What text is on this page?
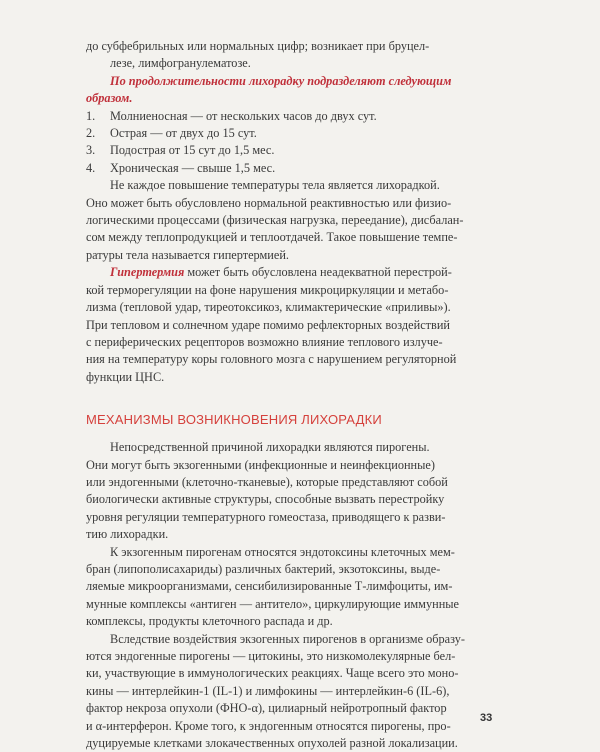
до субфебрильных или нормальных цифр; возникает при бруцел-
лезе, лимфогранулематозе.

По продолжительности лихорадку подразделяют следующим
образом.
1.	Молниеносная — от нескольких часов до двух сут.
2.	Острая — от двух до 15 сут.
3.	Подострая от 15 сут до 1,5 мес.
4.	Хроническая — свыше 1,5 мес.

Не каждое повышение температуры тела является лихорадкой.
Оно может быть обусловлено нормальной реактивностью или физио-
логическими процессами (физическая нагрузка, переедание), дисбалан-
сом между теплопродукцией и теплоотдачей. Такое повышение темпе-
ратуры тела называется гипертермией.

Гипертермия может быть обусловлена неадекватной перестрой-
кой терморегуляции на фоне нарушения микроциркуляции и метабо-
лизма (тепловой удар, тиреотоксикоз, климактерические «приливы»).
При тепловом и солнечном ударе помимо рефлекторных воздействий
с периферических рецепторов возможно влияние теплового излуче-
ния на температуру коры головного мозга с нарушением регуляторной
функции ЦНС.

МЕХАНИЗМЫ ВОЗНИКНОВЕНИЯ ЛИХОРАДКИ

Непосредственной причиной лихорадки являются пирогены.
Они могут быть экзогенными (инфекционные и неинфекционные)
или эндогенными (клеточно-тканевые), которые представляют собой
биологически активные структуры, способные вызвать перестройку
уровня регуляции температурного гомеостаза, приводящего к разви-
тию лихорадки.

К экзогенным пирогенам относятся эндотоксины клеточных мем-
бран (липополисахариды) различных бактерий, экзотоксины, выде-
ляемые микроорганизмами, сенсибилизированные Т-лимфоциты, им-
мунные комплексы «антиген — антитело», циркулирующие иммунные
комплексы, продукты клеточного распада и др.

Вследствие воздействия экзогенных пирогенов в организме образу-
ются эндогенные пирогены — цитокины, это низкомолекулярные бел-
ки, участвующие в иммунологических реакциях. Чаще всего это моно-
кины — интерлейкин-1 (IL-1) и лимфокины — интерлейкин-6 (IL-6),
фактор некроза опухоли (ФНО-α), цилиарный нейротропный фактор
и α-интерферон. Кроме того, к эндогенным относятся пирогены, про-
дуцируемые клетками злокачественных опухолей разной локализации.

33
